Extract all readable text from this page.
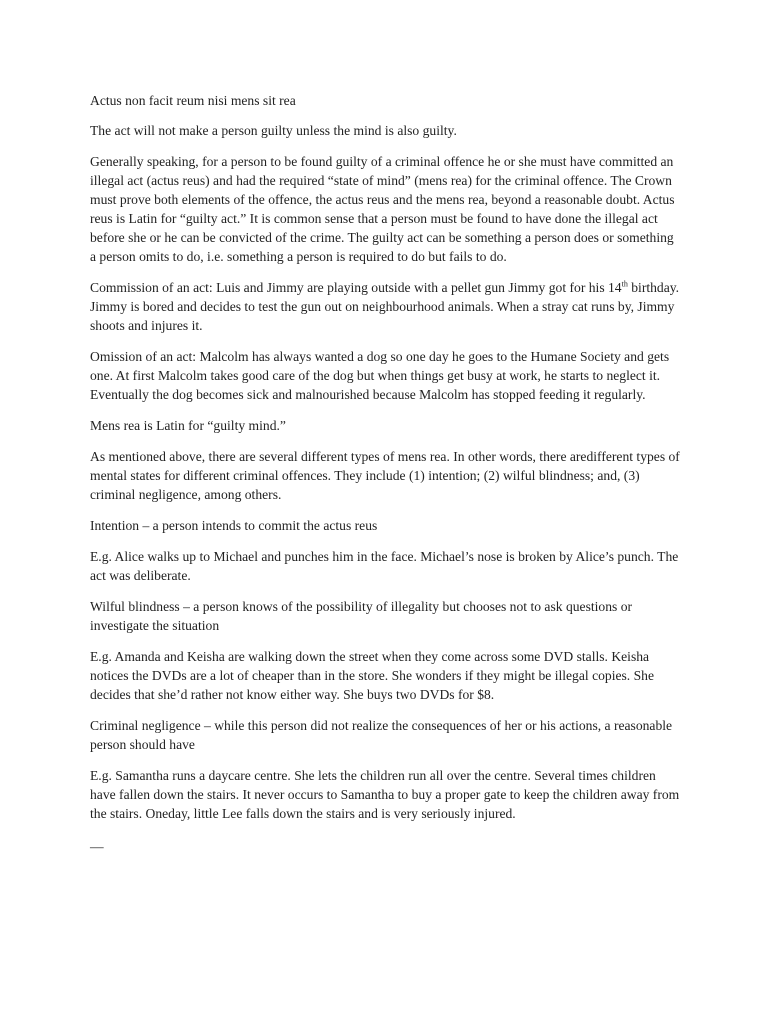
Actus non facit reum nisi mens sit rea

The act will not make a person guilty unless the mind is also guilty.

Generally speaking, for a person to be found guilty of a criminal offence he or she must have committed an illegal act (actus reus) and had the required “state of mind” (mens rea) for the criminal offence. The Crown must prove both elements of the offence, the actus reus and the mens rea, beyond a reasonable doubt. Actus reus is Latin for “guilty act.” It is common sense that a person must be found to have done the illegal act before she or he can be convicted of the crime. The guilty act can be something a person does or something a person omits to do, i.e. something a person is required to do but fails to do.

Commission of an act: Luis and Jimmy are playing outside with a pellet gun Jimmy got for his 14th birthday. Jimmy is bored and decides to test the gun out on neighbourhood animals. When a stray cat runs by, Jimmy shoots and injures it.

Omission of an act: Malcolm has always wanted a dog so one day he goes to the Humane Society and gets one. At first Malcolm takes good care of the dog but when things get busy at work, he starts to neglect it. Eventually the dog becomes sick and malnourished because Malcolm has stopped feeding it regularly.

Mens rea is Latin for “guilty mind.”

As mentioned above, there are several different types of mens rea. In other words, there aredifferent types of mental states for different criminal offences. They include (1) intention; (2) wilful blindness; and, (3) criminal negligence, among others.

Intention – a person intends to commit the actus reus

E.g. Alice walks up to Michael and punches him in the face. Michael’s nose is broken by Alice’s punch. The act was deliberate.

Wilful blindness – a person knows of the possibility of illegality but chooses not to ask questions or investigate the situation

E.g. Amanda and Keisha are walking down the street when they come across some DVD stalls. Keisha notices the DVDs are a lot of cheaper than in the store. She wonders if they might be illegal copies. She decides that she’d rather not know either way. She buys two DVDs for $8.

Criminal negligence – while this person did not realize the consequences of her or his actions, a reasonable person should have

E.g. Samantha runs a daycare centre. She lets the children run all over the centre. Several times children have fallen down the stairs. It never occurs to Samantha to buy a proper gate to keep the children away from the stairs. Oneday, little Lee falls down the stairs and is very seriously injured.

—
